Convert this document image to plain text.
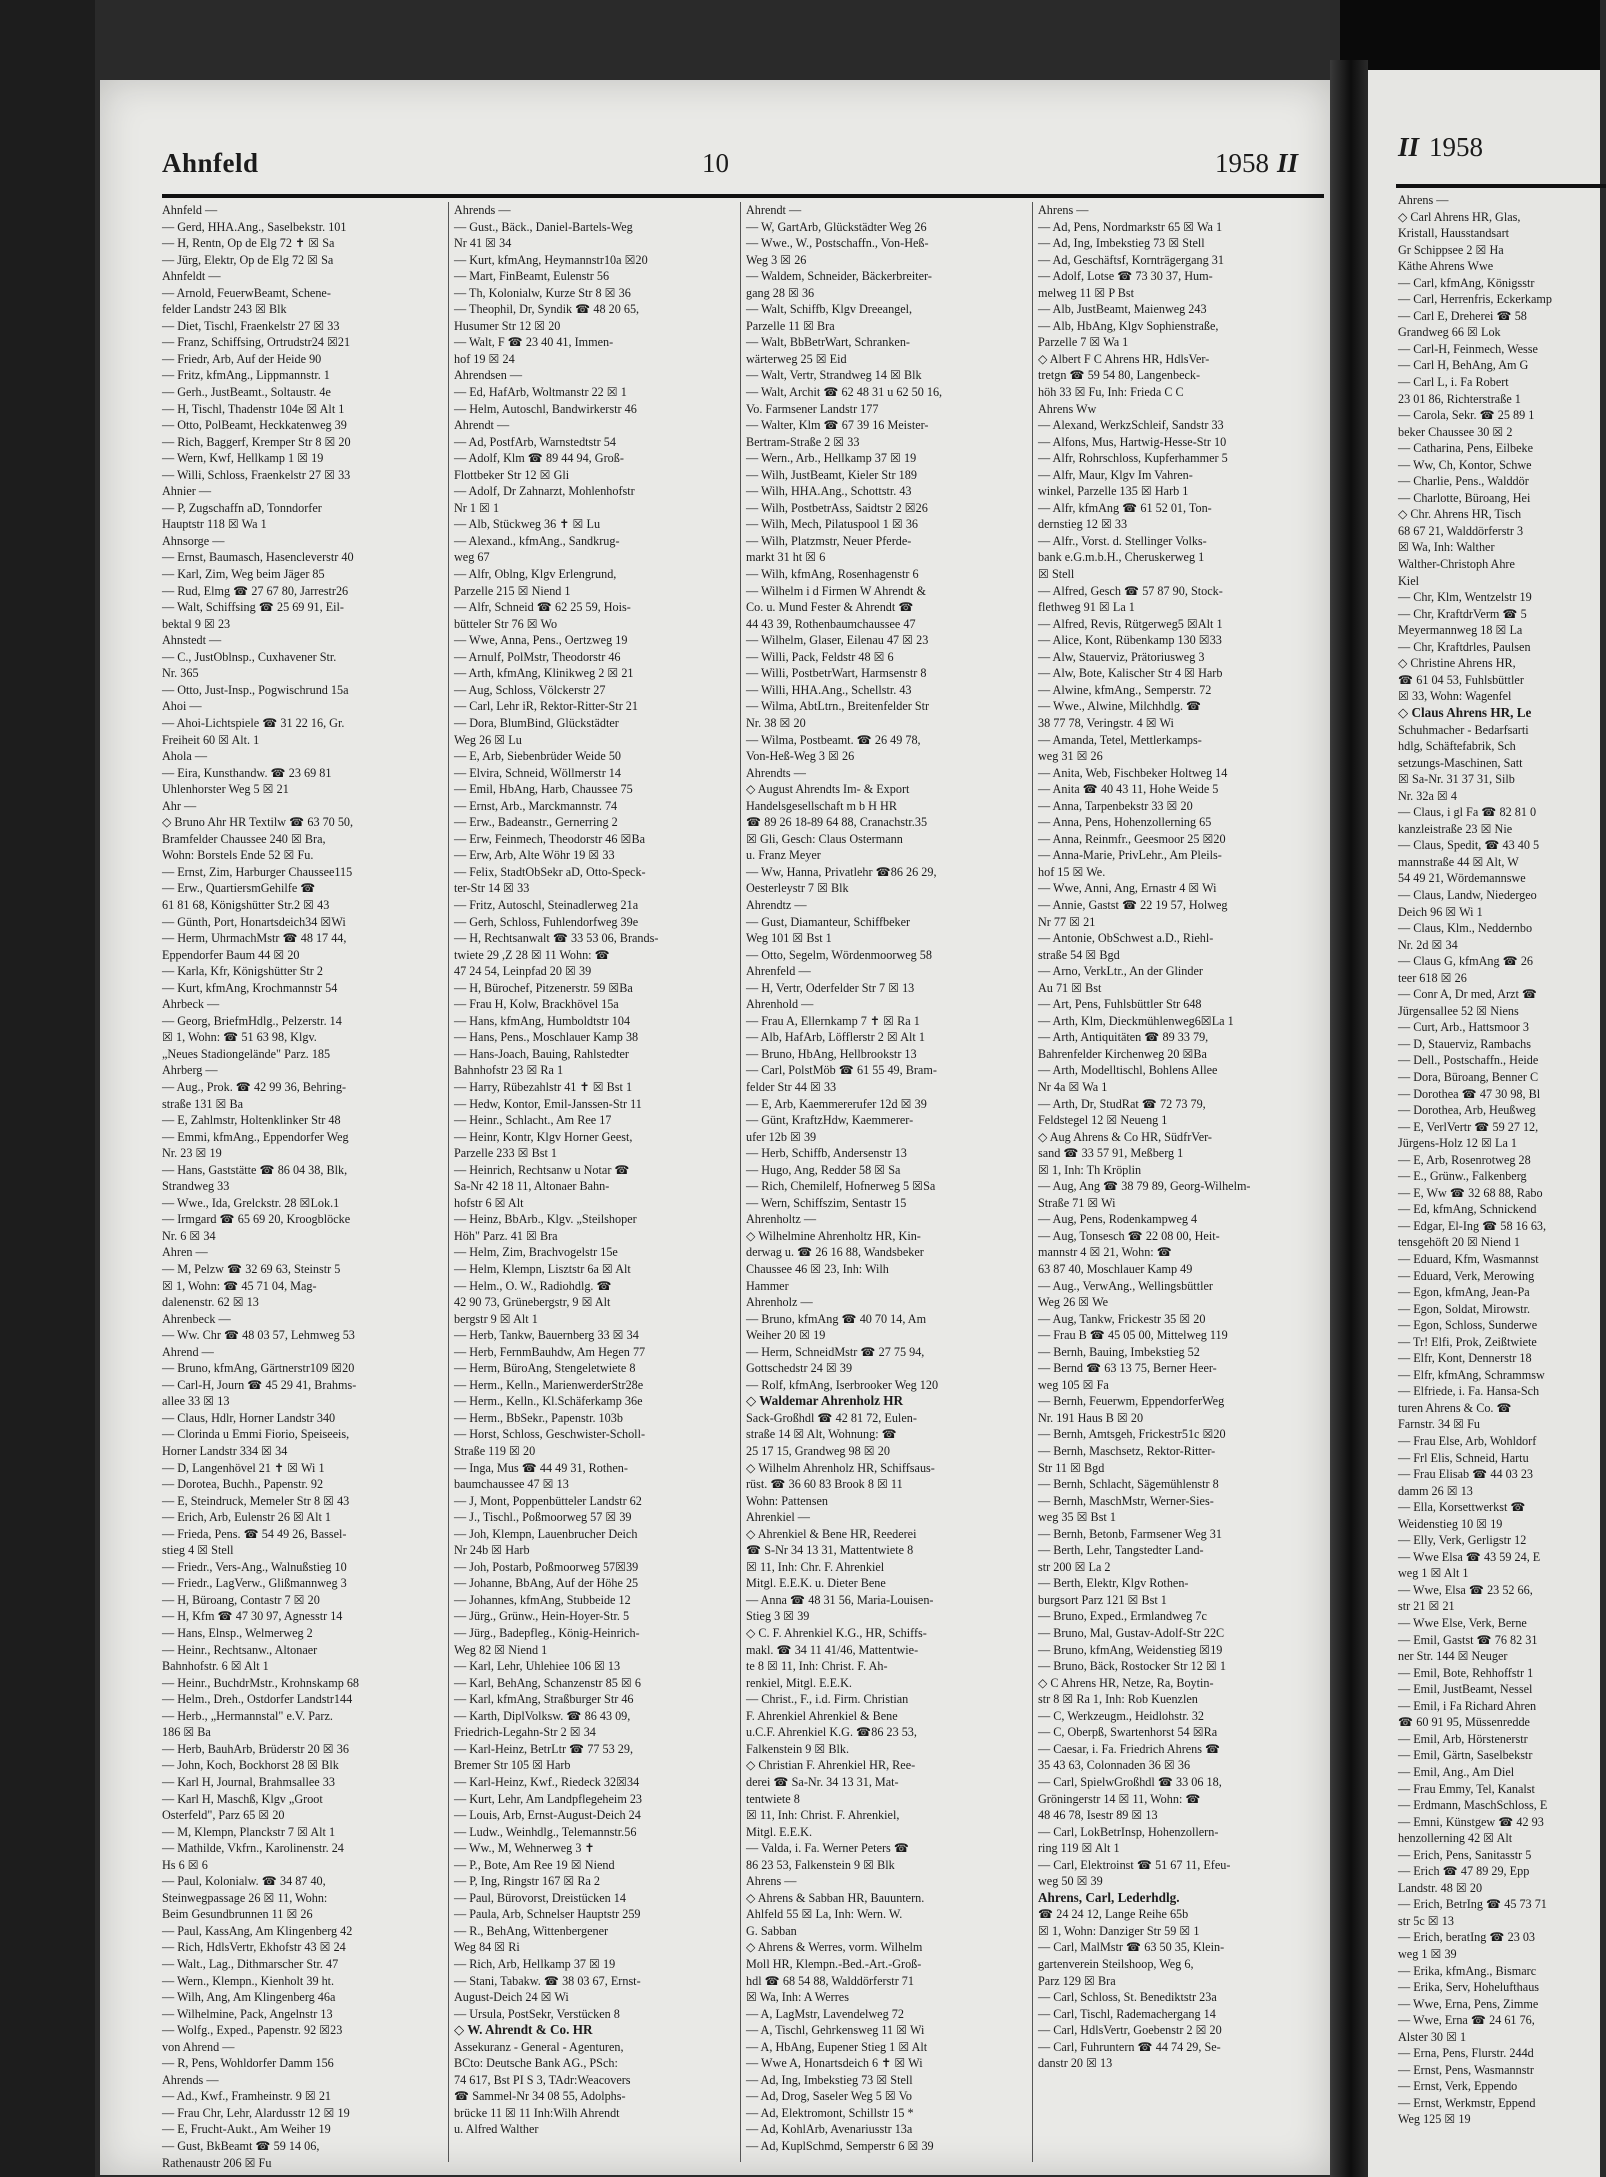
Ahnfeld	10	1958 II
Ahnfeld —
— Gerd, HHA.Ang., Saselbekstr. 101
— H, Rentn, Op de Elg 72 ✝ ☒ Sa
— Jürg, Elektr, Op de Elg 72 ☒ Sa
Ahnfeldt —
— Arnold, FeuerwBeamt, Schene-
felder Landstr 243 ☒ Blk
— Diet, Tischl, Fraenkelstr 27 ☒ 33
— Franz, Schiffsing, Ortrudstr24 ☒21
— Friedr, Arb, Auf der Heide 90
— Fritz, kfmAng., Lippmannstr. 1
— Gerh., JustBeamt., Soltaustr. 4e
— H, Tischl, Thadenstr 104e ☒ Alt 1
— Otto, PolBeamt, Heckkatenweg 39
— Rich, Baggerf, Kremper Str 8 ☒ 20
— Wern, Kwf, Hellkamp 1 ☒ 19
— Willi, Schloss, Fraenkelstr 27 ☒ 33
Ahnier —
— P, Zugschaffn aD, Tonndorfer
Hauptstr 118 ☒ Wa 1
Ahnsorge —
— Ernst, Baumasch, Hasencleverstr 40
— Karl, Zim, Weg beim Jäger 85
— Rud, Elmg ☎ 27 67 80, Jarrestr26
— Walt, Schiffsing ☎ 25 69 91, Eil-
bektal 9 ☒ 23
Ahnstedt —
— C., JustOblnsp., Cuxhavener Str.
Nr. 365
— Otto, Just-Insp., Pogwischrund 15a
Ahoi —
— Ahoi-Lichtspiele ☎ 31 22 16, Gr.
Freiheit 60 ☒ Alt. 1
Ahola —
— Eira, Kunsthandw. ☎ 23 69 81
Uhlenhorster Weg 5 ☒ 21
Ahr —
◇ Bruno Ahr HR Textilw ☎ 63 70 50,
Bramfelder Chaussee 240 ☒ Bra,
Wohn: Borstels Ende 52 ☒ Fu.
— Ernst, Zim, Harburger Chaussee115
— Erw., QuartiersmGehilfe ☎
61 81 68, Königshütter Str.2 ☒ 43
— Günth, Port, Honartsdeich34 ☒Wi
— Herm, UhrmachMstr ☎ 48 17 44,
Eppendorfer Baum 44 ☒ 20
— Karla, Kfr, Königshütter Str 2
— Kurt, kfmAng, Krochmannstr 54
Ahrbeck —
— Georg, BriefmHdlg., Pelzerstr. 14
☒ 1, Wohn: ☎ 51 63 98, Klgv.
„Neues Stadiongelände" Parz. 185
Ahrberg —
— Aug., Prok. ☎ 42 99 36, Behring-
straße 131 ☒ Ba
— E, Zahlmstr, Holtenklinker Str 48
— Emmi, kfmAng., Eppendorfer Weg
Nr. 23 ☒ 19
— Hans, Gaststätte ☎ 86 04 38, Blk,
Strandweg 33
— Wwe., Ida, Grelckstr. 28 ☒Lok.1
— Irmgard ☎ 65 69 20, Kroogblöcke
Nr. 6 ☒ 34
Ahren —
— M, Pelzw ☎ 32 69 63, Steinstr 5
☒ 1, Wohn: ☎ 45 71 04, Mag-
dalenenstr. 62 ☒ 13
Ahrenbeck —
— Ww. Chr ☎ 48 03 57, Lehmweg 53
Ahrend —
— Bruno, kfmAng, Gärtnerstr109 ☒20
— Carl-H, Journ ☎ 45 29 41, Brahms-
allee 33 ☒ 13
— Claus, Hdlr, Horner Landstr 340
— Clorinda u Emmi Fiorio, Speiseeis,
Horner Landstr 334 ☒ 34
— D, Langenhövel 21 ✝ ☒ Wi 1
— Dorotea, Buchh., Papenstr. 92
— E, Steindruck, Memeler Str 8 ☒ 43
— Erich, Arb, Eulenstr 26 ☒ Alt 1
— Frieda, Pens. ☎ 54 49 26, Bassel-
stieg 4 ☒ Stell
— Friedr., Vers-Ang., Walnußstieg 10
— Friedr., LagVerw., Glißmannweg 3
— H, Büroang, Contastr 7 ☒ 20
— H, Kfm ☎ 47 30 97, Agnesstr 14
— Hans, Elnsp., Welmerweg 2
— Heinr., Rechtsanw., Altonaer
Bahnhofstr. 6 ☒ Alt 1
— Heinr., BuchdrMstr., Krohnskamp 68
— Helm., Dreh., Ostdorfer Landstr144
— Herb., „Hermannstal" e.V. Parz.
186 ☒ Ba
— Herb, BauhArb, Brüderstr 20 ☒ 36
— John, Koch, Bockhorst 28 ☒ Blk
— Karl H, Journal, Brahmsallee 33
— Karl H, Maschß, Klgv „Groot
Osterfeld", Parz 65 ☒ 20
— M, Klempn, Planckstr 7 ☒ Alt 1
— Mathilde, Vkfrn., Karolinenstr. 24
Hs 6 ☒ 6
— Paul, Kolonialw. ☎ 34 87 40,
Steinwegpassage 26 ☒ 11, Wohn:
Beim Gesundbrunnen 11 ☒ 26
— Paul, KassAng, Am Klingenberg 42
— Rich, HdlsVertr, Ekhofstr 43 ☒ 24
— Walt., Lag., Dithmarscher Str. 47
— Wern., Klempn., Kienholt 39 ht.
— Wilh, Ang, Am Klingenberg 46a
— Wilhelmine, Pack, Angelnstr 13
— Wolfg., Exped., Papenstr. 92 ☒23
von Ahrend —
— R, Pens, Wohldorfer Damm 156
Ahrends —
— Ad., Kwf., Framheinstr. 9 ☒ 21
— Frau Chr, Lehr, Alardusstr 12 ☒ 19
— E, Frucht-Aukt., Am Weiher 19
— Gust, BkBeamt ☎ 59 14 06,
Rathenaustr 206 ☒ Fu
Ahrends —
— Gust., Bäck., Daniel-Bartels-Weg
Nr 41 ☒ 34
— Kurt, kfmAng, Heymannstr10a ☒20
— Mart, FinBeamt, Eulenstr 56
— Th, Kolonialw, Kurze Str 8 ☒ 36
— Theophil, Dr, Syndik ☎ 48 20 65,
Husumer Str 12 ☒ 20
— Walt, F ☎ 23 40 41, Immen-
hof 19 ☒ 24
Ahrendsen —
— Ed, HafArb, Woltmanstr 22 ☒ 1
— Helm, Autoschl, Bandwirkerstr 46
Ahrendt —
— Ad, PostfArb, Warnstedtstr 54
— Adolf, Klm ☎ 89 44 94, Groß-
Flottbeker Str 12 ☒ Gli
— Adolf, Dr Zahnarzt, Mohlenhofstr
Nr 1 ☒ 1
— Alb, Stückweg 36 ✝ ☒ Lu
— Alexand., kfmAng., Sandkrug-
weg 67
— Alfr, Oblng, Klgv Erlengrund,
Parzelle 215 ☒ Niend 1
— Alfr, Schneid ☎ 62 25 59, Hois-
bütteler Str 76 ☒ Wo
— Wwe, Anna, Pens., Oertzweg 19
— Arnulf, PolMstr, Theodorstr 46
— Arth, kfmAng, Klinikweg 2 ☒ 21
— Aug, Schloss, Völckerstr 27
— Carl, Lehr iR, Rektor-Ritter-Str 21
— Dora, BlumBind, Glückstädter
Weg 26 ☒ Lu
— E, Arb, Siebenbrüder Weide 50
— Elvira, Schneid, Wöllmerstr 14
— Emil, HbAng, Harb, Chaussee 75
— Ernst, Arb., Marckmannstr. 74
— Erw., Badeanstr., Gernerring 2
— Erw, Feinmech, Theodorstr 46 ☒Ba
— Erw, Arb, Alte Wöhr 19 ☒ 33
— Felix, StadtObSekr aD, Otto-Speck-
ter-Str 14 ☒ 33
— Fritz, Autoschl, Steinadlerweg 21a
— Gerh, Schloss, Fuhlendorfweg 39e
— H, Rechtsanwalt ☎ 33 53 06, Brands-
twiete 29 ,Z 28 ☒ 11 Wohn: ☎
47 24 54, Leinpfad 20 ☒ 39
— H, Bürochef, Pitzenerstr. 59 ☒Ba
— Frau H, Kolw, Brackhövel 15a
— Hans, kfmAng, Humboldtstr 104
— Hans, Pens., Moschlauer Kamp 38
— Hans-Joach, Bauing, Rahlstedter
Bahnhofstr 23 ☒ Ra 1
— Harry, Rübezahlstr 41 ✝ ☒ Bst 1
— Hedw, Kontor, Emil-Janssen-Str 11
— Heinr., Schlacht., Am Ree 17
— Heinr, Kontr, Klgv Horner Geest,
Parzelle 233 ☒ Bst 1
— Heinrich, Rechtsanw u Notar ☎
Sa-Nr 42 18 11, Altonaer Bahn-
hofstr 6 ☒ Alt
— Heinz, BbArb., Klgv. „Steilshoper
Höh" Parz. 41 ☒ Bra
— Helm, Zim, Brachvogelstr 15e
— Helm, Klempn, Lisztstr 6a ☒ Alt
— Helm., O. W., Radiohdlg. ☎
42 90 73, Grünebergstr, 9 ☒ Alt
bergstr 9 ☒ Alt 1
— Herb, Tankw, Bauernberg 33 ☒ 34
— Herb, FernmBauhdw, Am Hegen 77
— Herm, BüroAng, Stengeletwiete 8
— Herm., Kelln., MarienwerderStr28e
— Herm., Kelln., Kl.Schäferkamp 36e
— Herm., BbSekr., Papenstr. 103b
— Horst, Schloss, Geschwister-Scholl-
Straße 119 ☒ 20
— Inga, Mus ☎ 44 49 31, Rothen-
baumchaussee 47 ☒ 13
— J, Mont, Poppenbütteler Landstr 62
— J., Tischl., Poßmoorweg 57 ☒ 39
— Joh, Klempn, Lauenbrucher Deich
Nr 24b ☒ Harb
— Joh, Postarb, Poßmoorweg 57☒39
— Johanne, BbAng, Auf der Höhe 25
— Johannes, kfmAng, Stubbeide 12
— Jürg., Grünw., Hein-Hoyer-Str. 5
— Jürg., Badepfleg., König-Heinrich-
Weg 82 ☒ Niend 1
— Karl, Lehr, Uhlehiee 106 ☒ 13
— Karl, BehAng, Schanzenstr 85 ☒ 6
— Karl, kfmAng, Straßburger Str 46
— Karth, DiplVolksw. ☎ 86 43 09,
Friedrich-Legahn-Str 2 ☒ 34
— Karl-Heinz, BetrLtr ☎ 77 53 29,
Bremer Str 105 ☒ Harb
— Karl-Heinz, Kwf., Riedeck 32☒34
— Kurt, Lehr, Am Landpflegeheim 23
— Louis, Arb, Ernst-August-Deich 24
— Ludw., Weinhdlg., Telemannstr.56
— Ww., M, Wehnerweg 3 ✝
— P., Bote, Am Ree 19 ☒ Niend
— P, Ing, Ringstr 167 ☒ Ra 2
— Paul, Bürovorst, Dreistücken 14
— Paula, Arb, Schnelser Hauptstr 259
— R., BehAng, Wittenbergener
Weg 84 ☒ Ri
— Rich, Arb, Hellkamp 37 ☒ 19
— Stani, Tabakw. ☎ 38 03 67, Ernst-
August-Deich 24 ☒ Wi
— Ursula, PostSekr, Verstücken 8
◇ W. Ahrendt & Co. HR
Assekuranz - General - Agenturen,
BCto: Deutsche Bank AG., PSch:
74 617, Bst PI S 3, TAdr:Weacovers
☎ Sammel-Nr 34 08 55, Adolphs-
brücke 11 ☒ 11 Inh:Wilh Ahrendt
u. Alfred Walther
Ahrendt —
— W, GartArb, Glückstädter Weg 26
— Wwe., W., Postschaffn., Von-Heß-
Weg 3 ☒ 26
— Waldem, Schneider, Bäckerbreiter-
gang 28 ☒ 36
— Walt, Schiffb, Klgv Dreeangel,
Parzelle 11 ☒ Bra
— Walt, BbBetrWart, Schranken-
wärterweg 25 ☒ Eid
— Walt, Vertr, Strandweg 14 ☒ Blk
— Walt, Archit ☎ 62 48 31 u 62 50 16,
Vo. Farmsener Landstr 177
— Walter, Klm ☎ 67 39 16 Meister-
Bertram-Straße 2 ☒ 33
— Wern., Arb., Hellkamp 37 ☒ 19
— Wilh, JustBeamt, Kieler Str 189
— Wilh, HHA.Ang., Schottstr. 43
— Wilh, PostbetrAss, Saidtstr 2 ☒26
— Wilh, Mech, Pilatuspool 1 ☒ 36
— Wilh, Platzmstr, Neuer Pferde-
markt 31 ht ☒ 6
— Wilh, kfmAng, Rosenhagenstr 6
— Wilhelm i d Firmen W Ahrendt &
Co. u. Mund Fester & Ahrendt ☎
44 43 39, Rothenbaumchaussee 47
— Wilhelm, Glaser, Eilenau 47 ☒ 23
— Willi, Pack, Feldstr 48 ☒ 6
— Willi, PostbetrWart, Harmsenstr 8
— Willi, HHA.Ang., Schellstr. 43
— Wilma, AbtLtrn., Breitenfelder Str
Nr. 38 ☒ 20
— Wilma, Postbeamt. ☎ 26 49 78,
Von-Heß-Weg 3 ☒ 26
Ahrendts —
◇ August Ahrendts Im- & Export
Handelsgesellschaft m b H HR
☎ 89 26 18-89 64 88, Cranachstr.35
☒ Gli, Gesch: Claus Ostermann
u. Franz Meyer
— Ww, Hanna, Privatlehr ☎86 26 29,
Oesterleystr 7 ☒ Blk
Ahrendtz —
— Gust, Diamanteur, Schiffbeker
Weg 101 ☒ Bst 1
— Otto, Segelm, Wördenmoorweg 58
Ahrenfeld —
— H, Vertr, Oderfelder Str 7 ☒ 13
Ahrenhold —
— Frau A, Ellernkamp 7 ✝ ☒ Ra 1
— Alb, HafArb, Löfflerstr 2 ☒ Alt 1
— Bruno, HbAng, Hellbrookstr 13
— Carl, PolstMöb ☎ 61 55 49, Bram-
felder Str 44 ☒ 33
— E, Arb, Kaemmererufer 12d ☒ 39
— Günt, KraftzHdw, Kaemmerer-
ufer 12b ☒ 39
— Herb, Schiffb, Andersenstr 13
— Hugo, Ang, Redder 58 ☒ Sa
— Rich, Chemilelf, Hofnerweg 5 ☒Sa
— Wern, Schiffszim, Sentastr 15
Ahrenholtz —
◇ Wilhelmine Ahrenholtz HR, Kin-
derwag u. ☎ 26 16 88, Wandsbeker
Chaussee 46 ☒ 23, Inh: Wilh
Hammer
Ahrenholz —
— Bruno, kfmAng ☎ 40 70 14, Am
Weiher 20 ☒ 19
— Herm, SchneidMstr ☎ 27 75 94,
Gottschedstr 24 ☒ 39
— Rolf, kfmAng, Iserbrooker Weg 120
◇ Waldemar Ahrenholz HR
Sack-Großhdl ☎ 42 81 72, Eulen-
straße 14 ☒ Alt, Wohnung: ☎
25 17 15, Grandweg 98 ☒ 20
◇ Wilhelm Ahrenholz HR, Schiffsaus-
rüst. ☎ 36 60 83 Brook 8 ☒ 11
Wohn: Pattensen
Ahrenkiel —
◇ Ahrenkiel & Bene HR, Reederei
☎ S-Nr 34 13 31, Mattentwiete 8
☒ 11, Inh: Chr. F. Ahrenkiel
Mitgl. E.E.K. u. Dieter Bene
— Anna ☎ 48 31 56, Maria-Louisen-
Stieg 3 ☒ 39
◇ C. F. Ahrenkiel K.G., HR, Schiffs-
makl. ☎ 34 11 41/46, Mattentwie-
te 8 ☒ 11, Inh: Christ. F. Ah-
renkiel, Mitgl. E.E.K.
— Christ., F., i.d. Firm. Christian
F. Ahrenkiel Ahrenkiel & Bene
u.C.F. Ahrenkiel K.G. ☎86 23 53,
Falkenstein 9 ☒ Blk.
◇ Christian F. Ahrenkiel HR, Ree-
derei ☎ Sa-Nr. 34 13 31, Mat-
tentwiete 8
☒ 11, Inh: Christ. F. Ahrenkiel,
Mitgl. E.E.K.
— Valda, i. Fa. Werner Peters ☎
86 23 53, Falkenstein 9 ☒ Blk
Ahrens —
◇ Ahrens & Sabban HR, Bauuntern.
Ahlfeld 55 ☒ La, Inh: Wern. W.
G. Sabban
◇ Ahrens & Werres, vorm. Wilhelm
Moll HR, Klempn.-Bed.-Art.-Groß-
hdl ☎ 68 54 88, Walddörferstr 71
☒ Wa, Inh: A Werres
— A, LagMstr, Lavendelweg 72
— A, Tischl, Gehrkensweg 11 ☒ Wi
— A, HbAng, Eupener Stieg 1 ☒ Alt
— Wwe A, Honartsdeich 6 ✝ ☒ Wi
— Ad, Ing, Imbekstieg 73 ☒ Stell
— Ad, Drog, Saseler Weg 5 ☒ Vo
— Ad, Elektromont, Schillstr 15 *
— Ad, KohlArb, Avenariusstr 13a
— Ad, KuplSchmd, Semperstr 6 ☒ 39
Ahrens —
— Ad, Pens, Nordmarkstr 65 ☒ Wa 1
— Ad, Ing, Imbekstieg 73 ☒ Stell
— Ad, Geschäftsf, Kornträgergang 31
— Adolf, Lotse ☎ 73 30 37, Hum-
melweg 11 ☒ P Bst
— Alb, JustBeamt, Maienweg 243
— Alb, HbAng, Klgv Sophienstraße,
Parzelle 7 ☒ Wa 1
◇ Albert F C Ahrens HR, HdlsVer-
tretgn ☎ 59 54 80, Langenbeck-
höh 33 ☒ Fu, Inh: Frieda C C
Ahrens Ww
— Alexand, WerkzSchleif, Sandstr 33
— Alfons, Mus, Hartwig-Hesse-Str 10
— Alfr, Rohrschloss, Kupferhammer 5
— Alfr, Maur, Klgv Im Vahren-
winkel, Parzelle 135 ☒ Harb 1
— Alfr, kfmAng ☎ 61 52 01, Ton-
dernstieg 12 ☒ 33
— Alfr., Vorst. d. Stellinger Volks-
bank e.G.m.b.H., Cheruskerweg 1
☒ Stell
— Alfred, Gesch ☎ 57 87 90, Stock-
flethweg 91 ☒ La 1
— Alfred, Revis, Rütgerweg5 ☒Alt 1
— Alice, Kont, Rübenkamp 130 ☒33
— Alw, Stauerviz, Prätoriusweg 3
— Alw, Bote, Kalischer Str 4 ☒ Harb
— Alwine, kfmAng., Semperstr. 72
— Wwe., Alwine, Milchhdlg. ☎
38 77 78, Veringstr. 4 ☒ Wi
— Amanda, Tetel, Mettlerkamps-
weg 31 ☒ 26
— Anita, Web, Fischbeker Holtweg 14
— Anita ☎ 40 43 11, Hohe Weide 5
— Anna, Tarpenbekstr 33 ☒ 20
— Anna, Pens, Hohenzollerning 65
— Anna, Reinmfr., Geesmoor 25 ☒20
— Anna-Marie, PrivLehr., Am Pleils-
hof 15 ☒ We.
— Wwe, Anni, Ang, Ernastr 4 ☒ Wi
— Annie, Gastst ☎ 22 19 57, Holweg
Nr 77 ☒ 21
— Antonie, ObSchwest a.D., Riehl-
straße 54 ☒ Bgd
— Arno, VerkLtr., An der Glinder
Au 71 ☒ Bst
— Art, Pens, Fuhlsbüttler Str 648
— Arth, Klm, Dieckmühlenweg6☒La 1
— Arth, Antiquitäten ☎ 89 33 79,
Bahrenfelder Kirchenweg 20 ☒Ba
— Arth, Modelltischl, Bohlens Allee
Nr 4a ☒ Wa 1
— Arth, Dr, StudRat ☎ 72 73 79,
Feldstegel 12 ☒ Neueng 1
◇ Aug Ahrens & Co HR, SüdfrVer-
sand ☎ 33 57 91, Meßberg 1
☒ 1, Inh: Th Kröplin
— Aug, Ang ☎ 38 79 89, Georg-Wilhelm-
Straße 71 ☒ Wi
— Aug, Pens, Rodenkampweg 4
— Aug, Tonsesch ☎ 22 08 00, Heit-
mannstr 4 ☒ 21, Wohn: ☎
63 87 40, Moschlauer Kamp 49
— Aug., VerwAng., Wellingsbüttler
Weg 26 ☒ We
— Aug, Tankw, Frickestr 35 ☒ 20
— Frau B ☎ 45 05 00, Mittelweg 119
— Bernh, Bauing, Imbekstieg 52
— Bernd ☎ 63 13 75, Berner Heer-
weg 105 ☒ Fa
— Bernh, Feuerwm, EppendorferWeg
Nr. 191 Haus B ☒ 20
— Bernh, Amtsgeh, Frickestr51c ☒20
— Bernh, Maschsetz, Rektor-Ritter-
Str 11 ☒ Bgd
— Bernh, Schlacht, Sägemühlenstr 8
— Bernh, MaschMstr, Werner-Sies-
weg 35 ☒ Bst 1
— Bernh, Betonb, Farmsener Weg 31
— Berth, Lehr, Tangstedter Land-
str 200 ☒ La 2
— Berth, Elektr, Klgv Rothen-
burgsort Parz 121 ☒ Bst 1
— Bruno, Exped., Ermlandweg 7c
— Bruno, Mal, Gustav-Adolf-Str 22C
— Bruno, kfmAng, Weidenstieg ☒19
— Bruno, Bäck, Rostocker Str 12 ☒ 1
◇ C Ahrens HR, Netze, Ra, Boytin-
str 8 ☒ Ra 1, Inh: Rob Kuenzlen
— C, Werkzeugm., Heidlohstr. 32
— C, Oberpß, Swartenhorst 54 ☒Ra
— Caesar, i. Fa. Friedrich Ahrens ☎
35 43 63, Colonnaden 36 ☒ 36
— Carl, SpielwGroßhdl ☎ 33 06 18,
Gröningerstr 14 ☒ 11, Wohn: ☎
48 46 78, Isestr 89 ☒ 13
— Carl, LokBetrInsp, Hohenzollern-
ring 119 ☒ Alt 1
— Carl, Elektroinst ☎ 51 67 11, Efeu-
weg 50 ☒ 39
Ahrens, Carl, Lederhdlg.
☎ 24 24 12, Lange Reihe 65b
☒ 1, Wohn: Danziger Str 59 ☒ 1
— Carl, MalMstr ☎ 63 50 35, Klein-
gartenverein Steilshoop, Weg 6,
Parz 129 ☒ Bra
— Carl, Schloss, St. Benediktstr 23a
— Carl, Tischl, Rademachergang 14
— Carl, HdlsVertr, Goebenstr 2 ☒ 20
— Carl, Fuhruntern ☎ 44 74 29, Se-
danstr 20 ☒ 13
II 1958
Ahrens —
◇ Carl Ahrens HR, Glas,
Kristall, Hausstandsart
Gr Schippsee 2 ☒ Ha
Käthe Ahrens Wwe
— Carl, kfmAng, Königsstr
— Carl, Herrenfris, Eckerkamp
— Carl E, Dreherei ☎ 58
Grandweg 66 ☒ Lok
— Carl-H, Feinmech, Wesse
— Carl H, BehAng, Am G
— Carl L, i. Fa Robert
23 01 86, Richterstraße 1
— Carola, Sekr. ☎ 25 89 1
beker Chaussee 30 ☒ 2
— Catharina, Pens, Eilbeke
— Ww, Ch, Kontor, Schwe
— Charlie, Pens., Walddör
— Charlotte, Büroang, Hei
◇ Chr. Ahrens HR, Tisch
68 67 21, Walddörferstr 3
☒ Wa, Inh: Walther
Walther-Christoph Ahre
Kiel
— Chr, Klm, Wentzelstr 19
— Chr, KraftdrVerm ☎ 5
Meyermannweg 18 ☒ La
— Chr, Kraftdrles, Paulsen
◇ Christine Ahrens HR,
☎ 61 04 53, Fuhlsbüttler
☒ 33, Wohn: Wagenfel
◇ Claus Ahrens HR, Le
Schuhmacher - Bedarfsarti
hdlg, Schäftefabrik, Sch
setzungs-Maschinen, Satt
☒ Sa-Nr. 31 37 31, Silb
Nr. 32a ☒ 4
— Claus, i gl Fa ☎ 82 81 0
kanzleistraße 23 ☒ Nie
— Claus, Spedit, ☎ 43 40 5
mannstraße 44 ☒ Alt, W
54 49 21, Wördemannswe
— Claus, Landw, Niedergeo
Deich 96 ☒ Wi 1
— Claus, Klm., Neddernbo
Nr. 2d ☒ 34
— Claus G, kfmAng ☎ 26
teer 618 ☒ 26
— Conr A, Dr med, Arzt ☎
Jürgensallee 52 ☒ Niens
— Curt, Arb., Hattsmoor 3
— D, Stauerviz, Rambachs
— Dell., Postschaffn., Heide
— Dora, Büroang, Benner C
— Dorothea ☎ 47 30 98, Bl
— Dorothea, Arb, Heußweg
— E, VerlVertr ☎ 59 27 12,
Jürgens-Holz 12 ☒ La 1
— E, Arb, Rosenrotweg 28
— E., Grünw., Falkenberg
— E, Ww ☎ 32 68 88, Rabo
— Ed, kfmAng, Schnickend
— Edgar, El-Ing ☎ 58 16 63,
tensgehöft 20 ☒ Niend 1
— Eduard, Kfm, Wasmannst
— Eduard, Verk, Merowing
— Egon, kfmAng, Jean-Pa
— Egon, Soldat, Mirowstr.
— Egon, Schloss, Sunderwe
— Tr! Elfi, Prok, Zeißtwiete
— Elfr, Kont, Dennerstr 18
— Elfr, kfmAng, Schrammsw
— Elfriede, i. Fa. Hansa-Sch
turen Ahrens & Co. ☎
Farnstr. 34 ☒ Fu
— Frau Else, Arb, Wohldorf
— Frl Elis, Schneid, Hartu
— Frau Elisab ☎ 44 03 23
damm 26 ☒ 13
— Ella, Korsettwerkst ☎
Weidenstieg 10 ☒ 19
— Elly, Verk, Gerligstr 12
— Wwe Elsa ☎ 43 59 24, E
weg 1 ☒ Alt 1
— Wwe, Elsa ☎ 23 52 66,
str 21 ☒ 21
— Wwe Else, Verk, Berne
— Emil, Gastst ☎ 76 82 31
ner Str. 144 ☒ Neuger
— Emil, Bote, Rehhoffstr 1
— Emil, JustBeamt, Nessel
— Emil, i Fa Richard Ahren
☎ 60 91 95, Müssenredde
— Emil, Arb, Hörstenerstr
— Emil, Gärtn, Saselbekstr
— Emil, Ang., Am Diel
— Frau Emmy, Tel, Kanalst
— Erdmann, MaschSchloss, E
— Emni, Künstgew ☎ 42 93
henzollerning 42 ☒ Alt
— Erich, Pens, Sanitasstr 5
— Erich ☎ 47 89 29, Epp
Landstr. 48 ☒ 20
— Erich, BetrIng ☎ 45 73 71
str 5c ☒ 13
— Erich, beratIng ☎ 23 03
weg 1 ☒ 39
— Erika, kfmAng., Bismarc
— Erika, Serv, Hohelufthaus
— Wwe, Erna, Pens, Zimme
— Wwe, Erna ☎ 24 61 76,
Alster 30 ☒ 1
— Erna, Pens, Flurstr. 244d
— Ernst, Pens, Wasmannstr
— Ernst, Verk, Eppendo
— Ernst, Werkmstr, Eppend
Weg 125 ☒ 19
